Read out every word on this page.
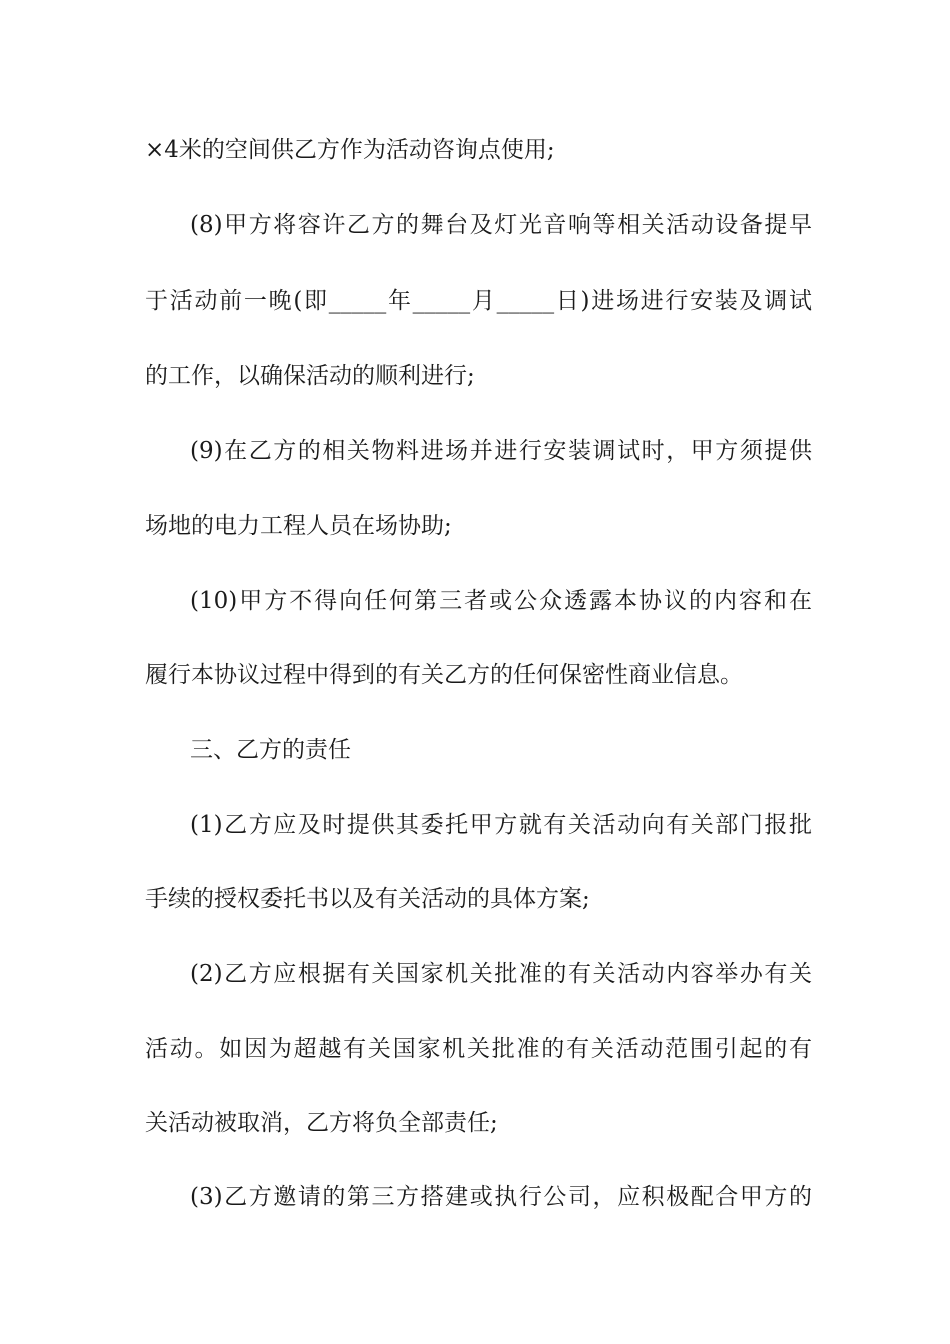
×4米的空间供乙方作为活动咨询点使用;
(8)甲方将容许乙方的舞台及灯光音响等相关活动设备提早
于活动前一晚(即_____年_____月_____日)进场进行安装及调试
的工作，以确保活动的顺利进行;
(9)在乙方的相关物料进场并进行安装调试时，甲方须提供
场地的电力工程人员在场协助;
(10)甲方不得向任何第三者或公众透露本协议的内容和在
履行本协议过程中得到的有关乙方的任何保密性商业信息。
三、乙方的责任
(1)乙方应及时提供其委托甲方就有关活动向有关部门报批
手续的授权委托书以及有关活动的具体方案;
(2)乙方应根据有关国家机关批准的有关活动内容举办有关
活动。如因为超越有关国家机关批准的有关活动范围引起的有
关活动被取消，乙方将负全部责任;
(3)乙方邀请的第三方搭建或执行公司，应积极配合甲方的
